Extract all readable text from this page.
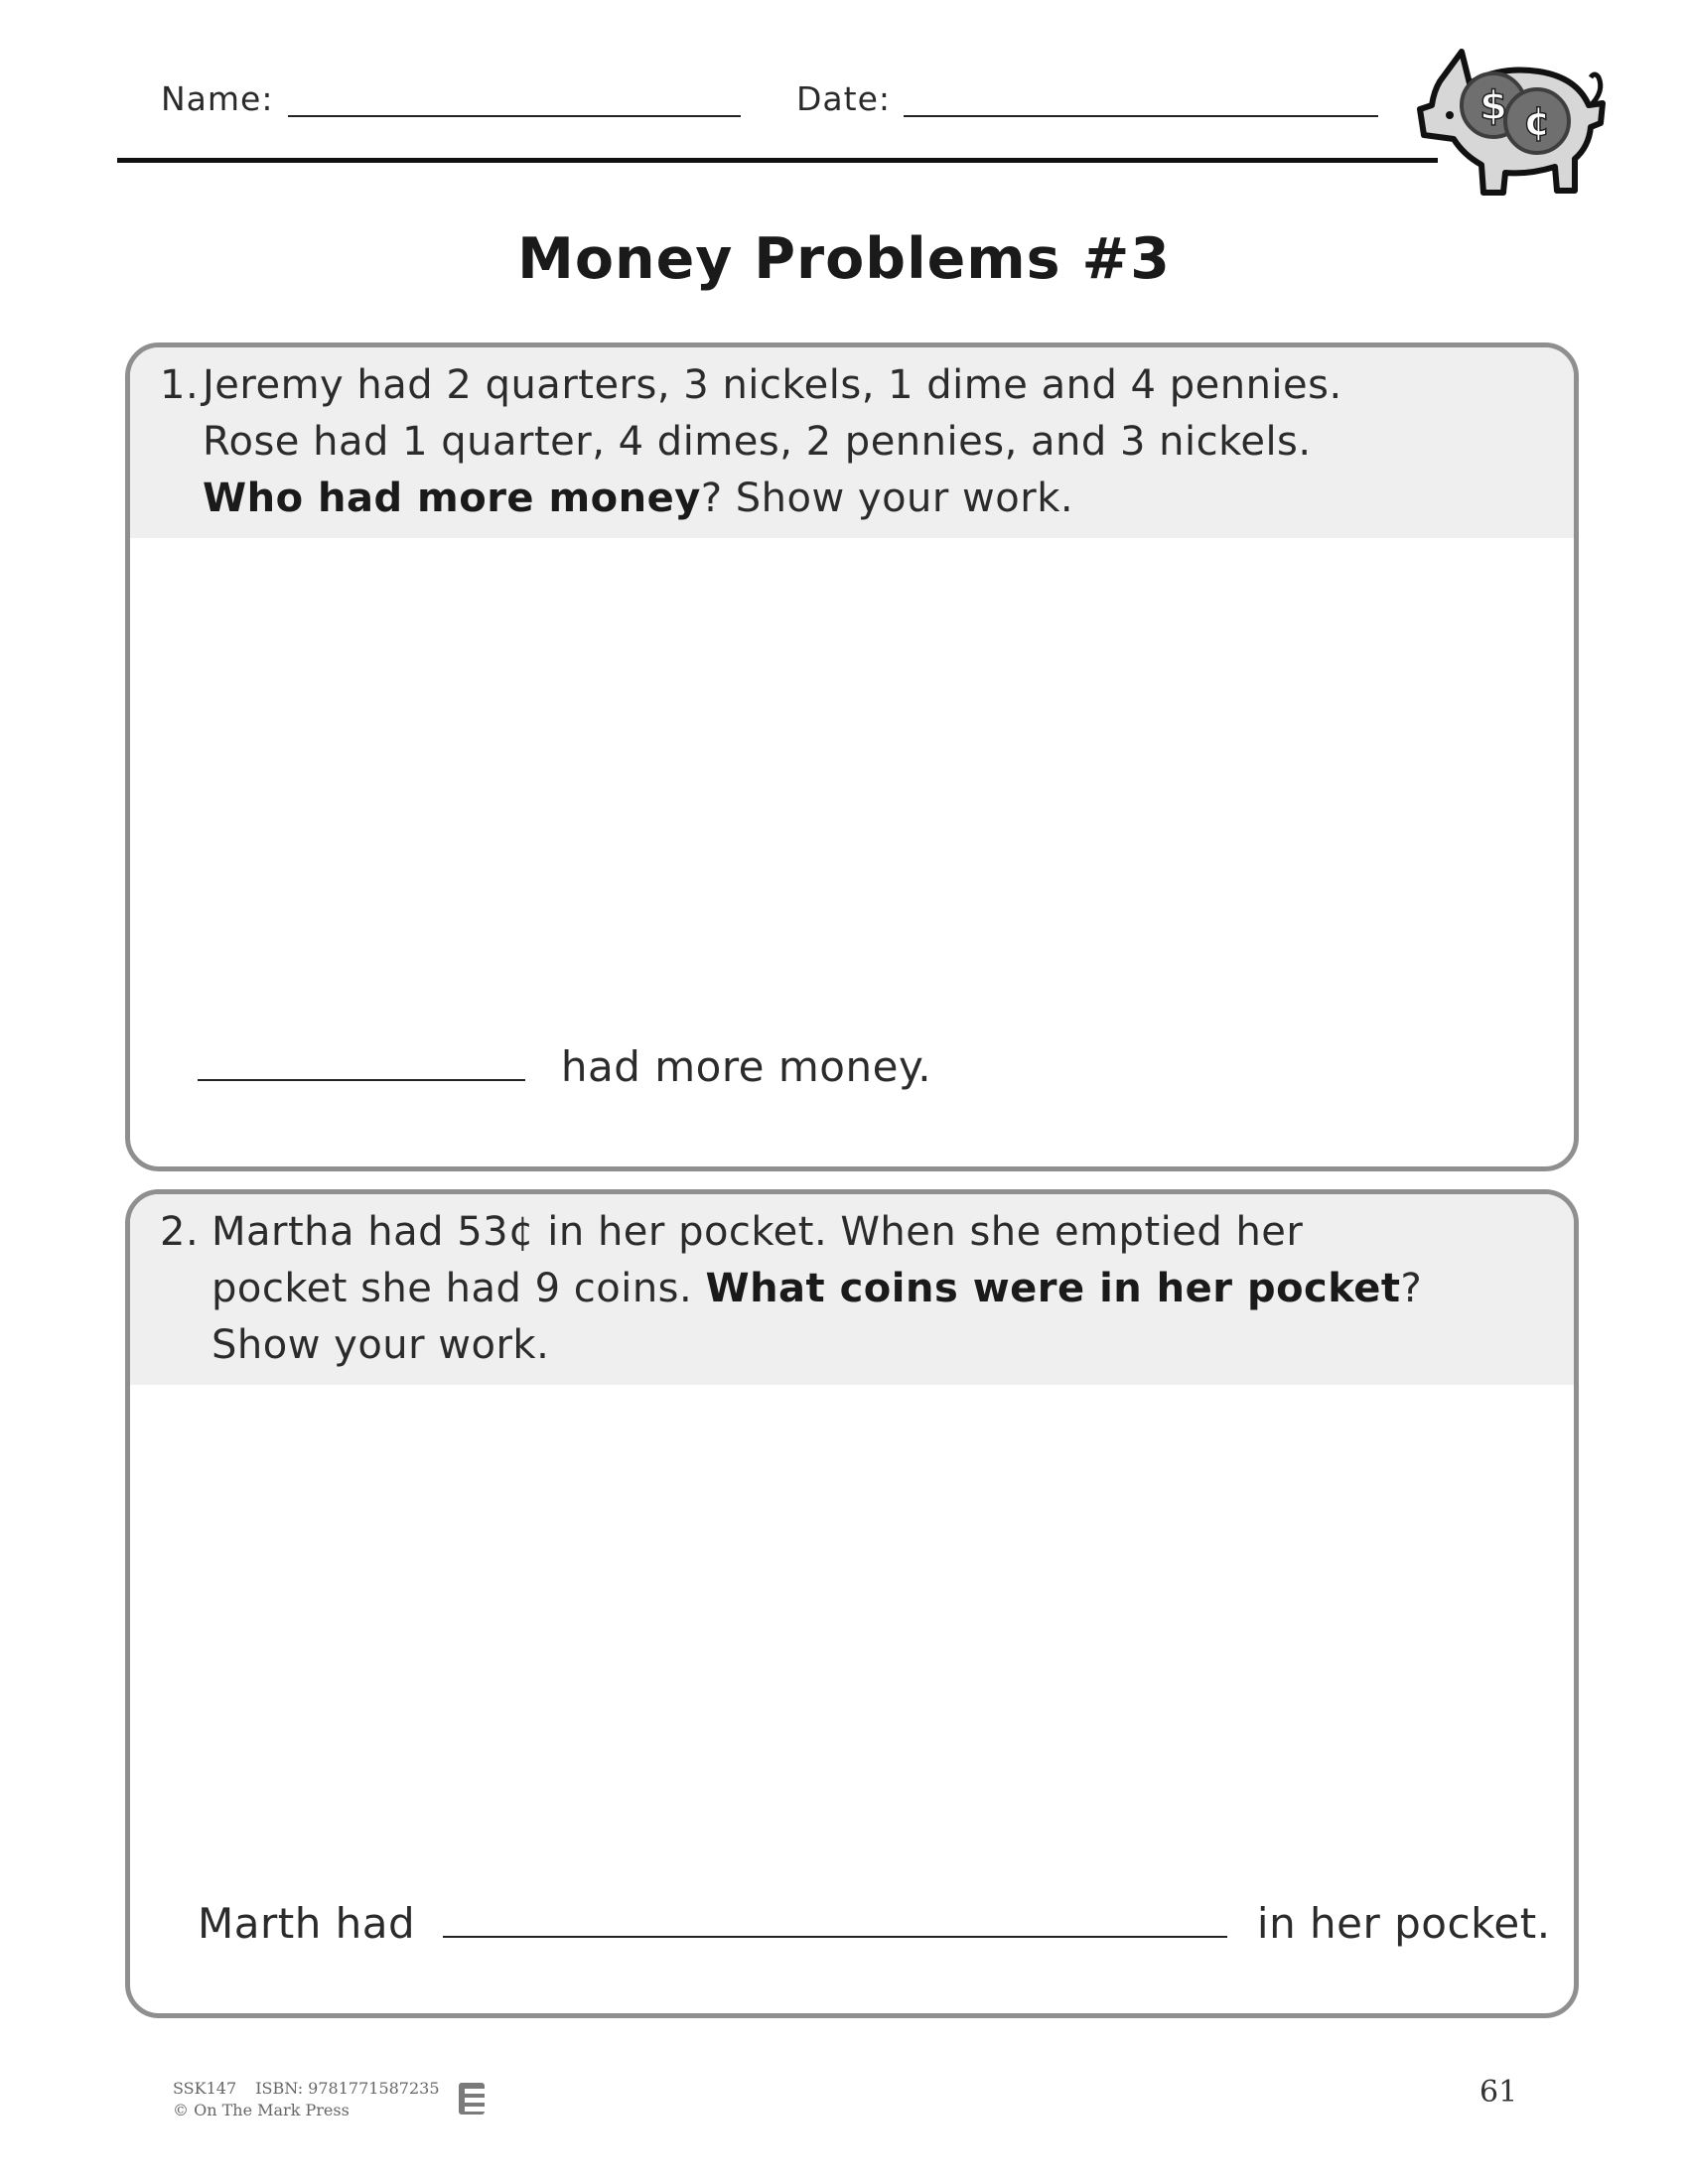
Name:	Date:	$ ¢
Money Problems #3
1. Jeremy had 2 quarters, 3 nickels, 1 dime and 4 pennies.
Rose had 1 quarter, 4 dimes, 2 pennies, and 3 nickels.
Who had more money? Show your work.
had more money.
2. Martha had 53¢ in her pocket. When she emptied her
pocket she had 9 coins. What coins were in her pocket?
Show your work.
Marth had	in her pocket.
SSK147 ISBN: 9781771587235
© On The Mark Press
61
